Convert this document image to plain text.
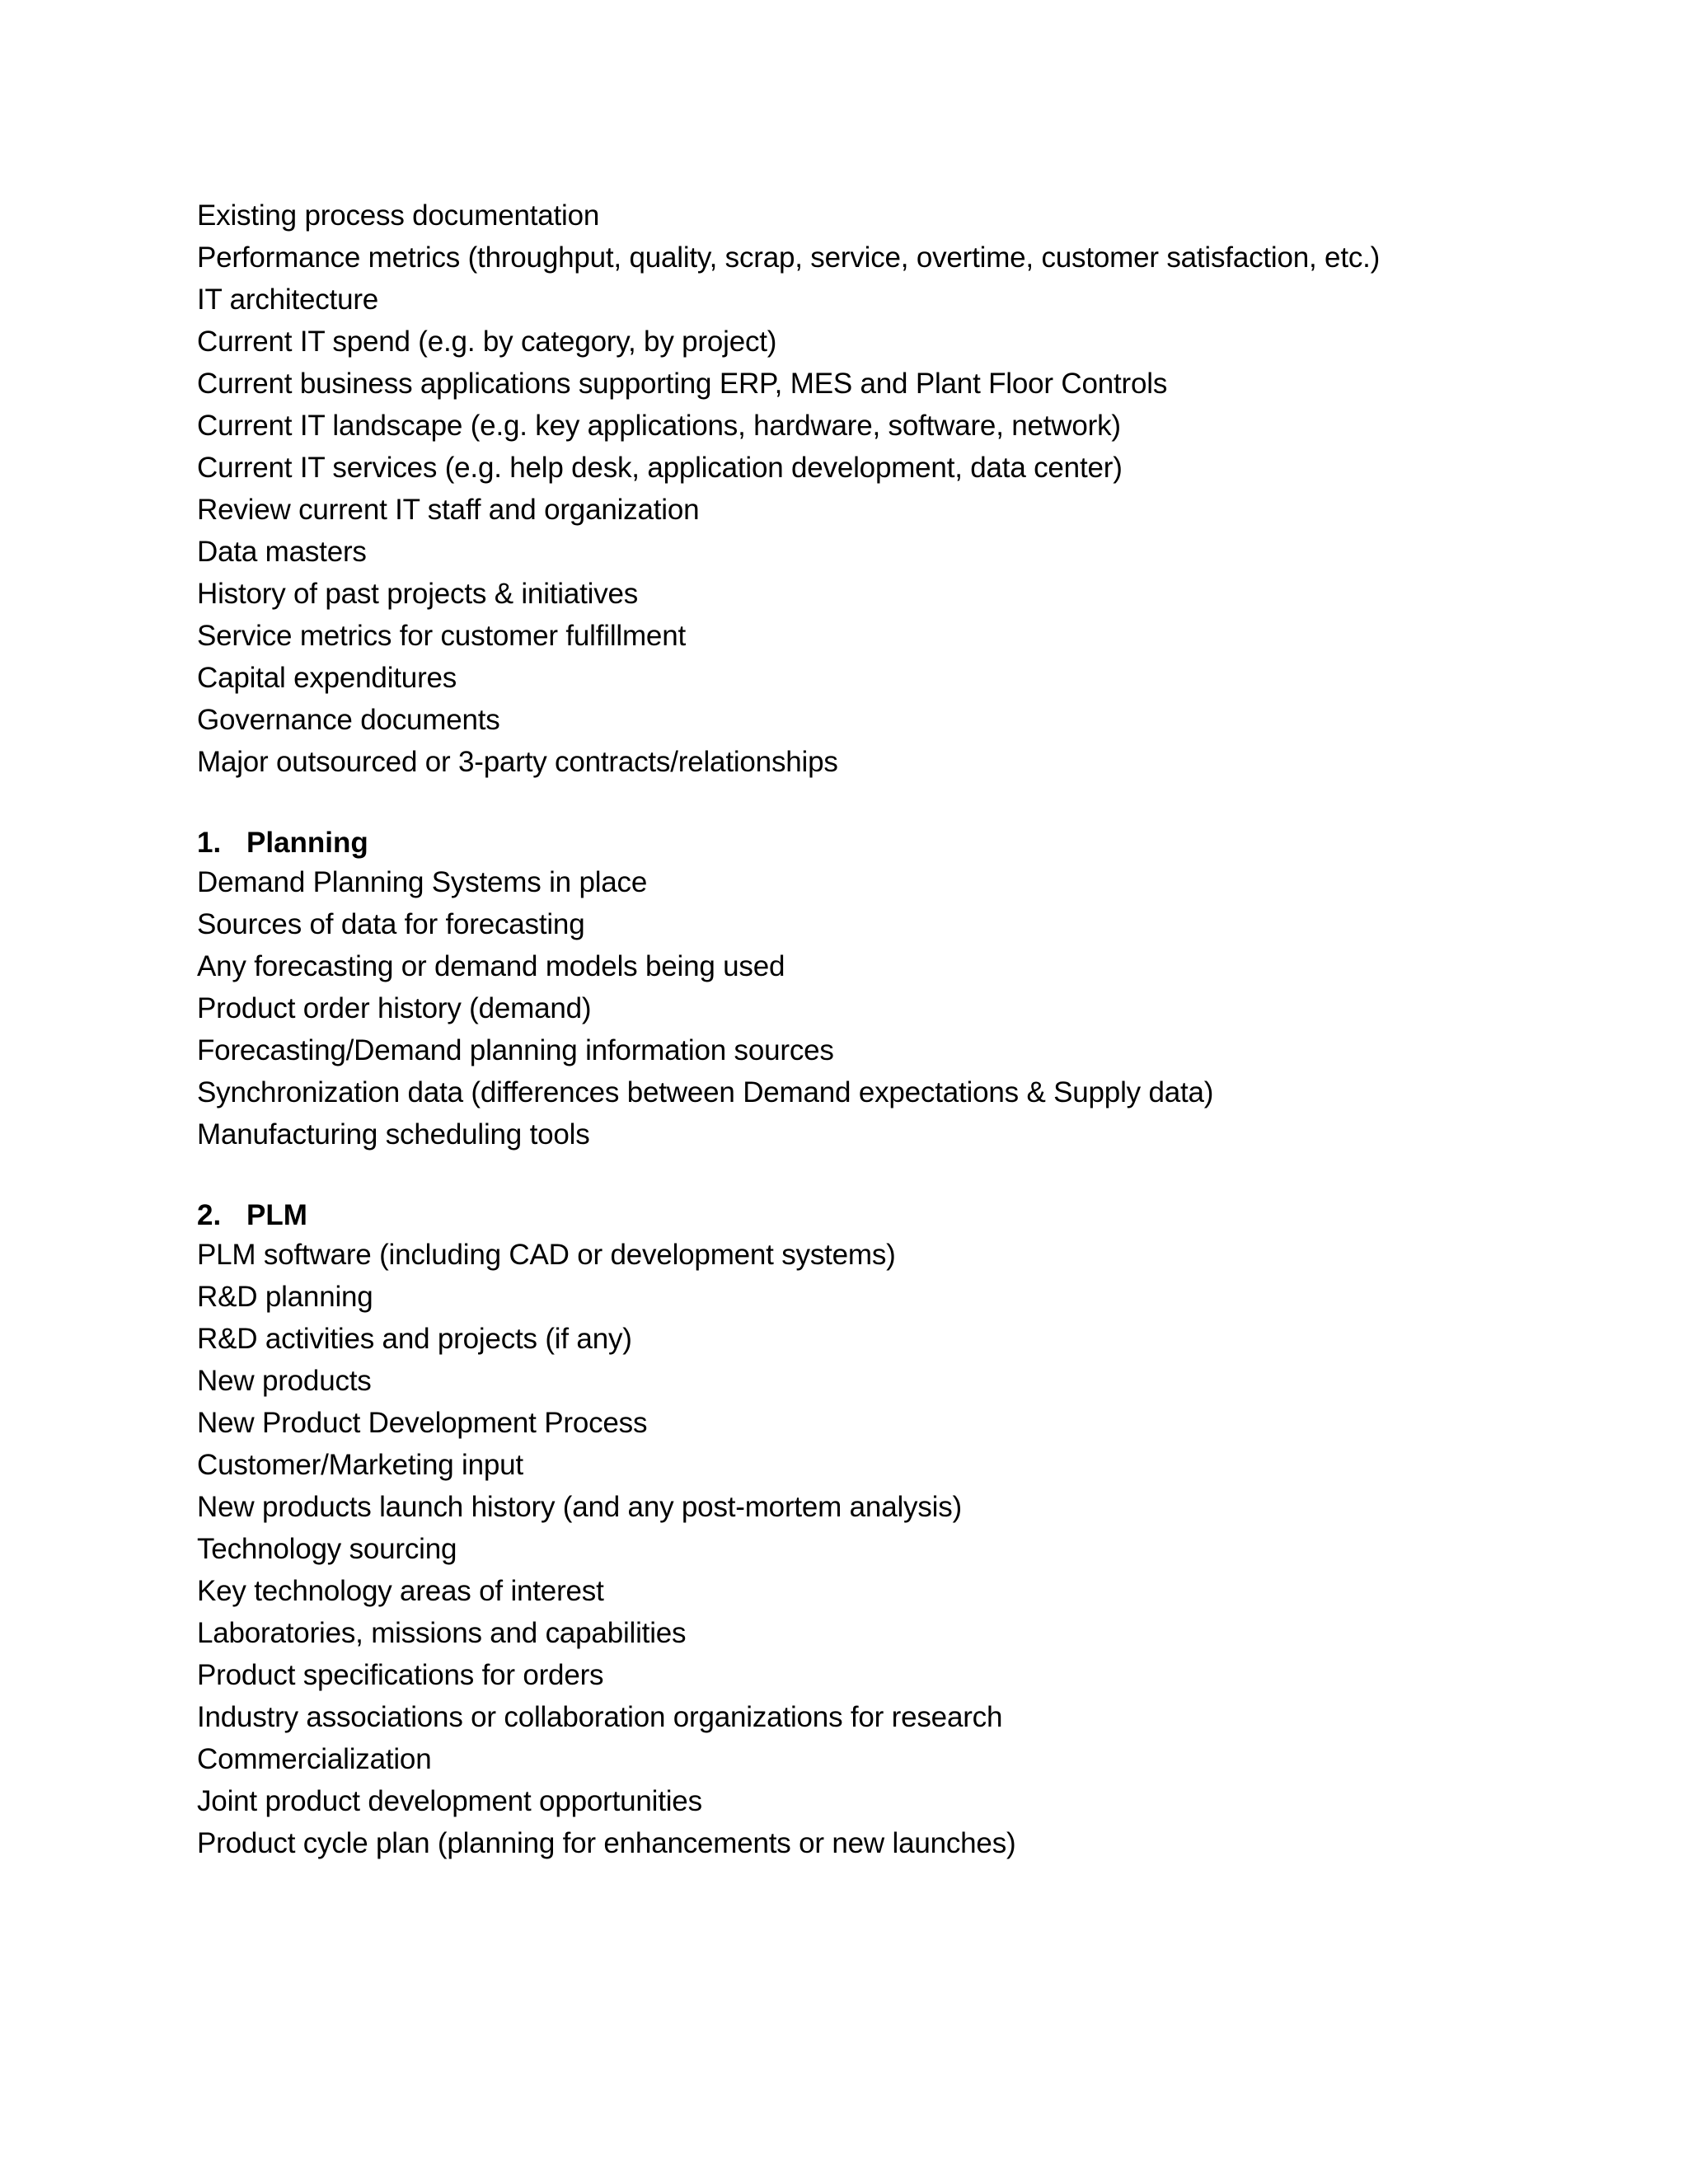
Existing process documentation
Performance metrics (throughput, quality, scrap, service, overtime, customer satisfaction, etc.)
IT architecture
Current IT spend (e.g. by category, by project)
Current business applications supporting ERP, MES and Plant Floor Controls
Current IT landscape (e.g. key applications, hardware, software, network)
Current IT services (e.g. help desk, application development, data center)
Review current IT staff and organization
Data masters
History of past projects & initiatives
Service metrics for customer fulfillment
Capital expenditures
Governance documents
Major outsourced or 3-party contracts/relationships
1. Planning
Demand Planning Systems in place
Sources of data for forecasting
Any forecasting or demand models being used
Product order history (demand)
Forecasting/Demand planning information sources
Synchronization data (differences between Demand expectations & Supply data)
Manufacturing scheduling tools
2. PLM
PLM software (including CAD or development systems)
R&D planning
R&D activities and projects (if any)
New products
New Product Development Process
Customer/Marketing input
New products launch history (and any post-mortem analysis)
Technology sourcing
Key technology areas of interest
Laboratories, missions and capabilities
Product specifications for orders
Industry associations or collaboration organizations for research
Commercialization
Joint product development opportunities
Product cycle plan (planning for enhancements or new launches)
